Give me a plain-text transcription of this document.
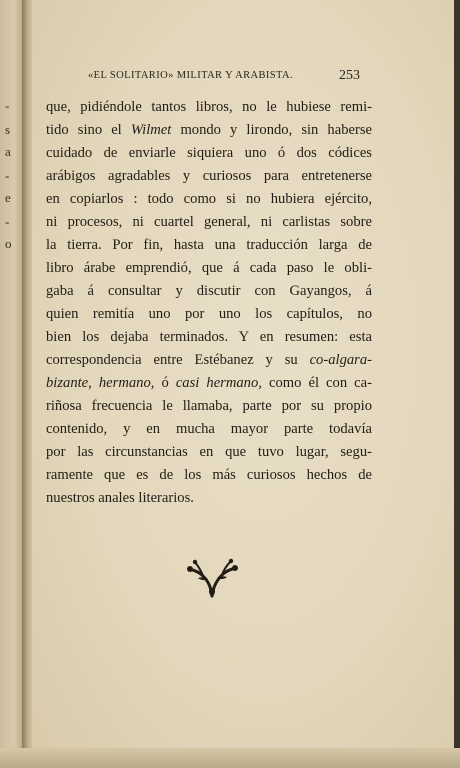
-
s
a
-
e
-
o
«EL SOLITARIO» MILITAR Y ARABISTA.	253
que, pidiéndole tantos libros, no le hubiese remi-
tido sino el Wilmet mondo y lirondo, sin haberse
cuidado de enviarle siquiera uno ó dos códices
arábigos agradables y curiosos para entretenerse
en copiarlos : todo como si no hubiera ejército,
ni procesos, ni cuartel general, ni carlistas sobre
la tierra. Por fin, hasta una traducción larga de
libro árabe emprendió, que á cada paso le obli-
gaba á consultar y discutir con Gayangos, á
quien remitía uno por uno los capítulos, no
bien los dejaba terminados. Y en resumen: esta
correspondencia entre Estébanez y su co-algara-
bizante, hermano, ó casi hermano, como él con ca-
riñosa frecuencia le llamaba, parte por su propio
contenido, y en mucha mayor parte todavía
por las circunstancias en que tuvo lugar, segu-
ramente que es de los más curiosos hechos de
nuestros anales literarios.
